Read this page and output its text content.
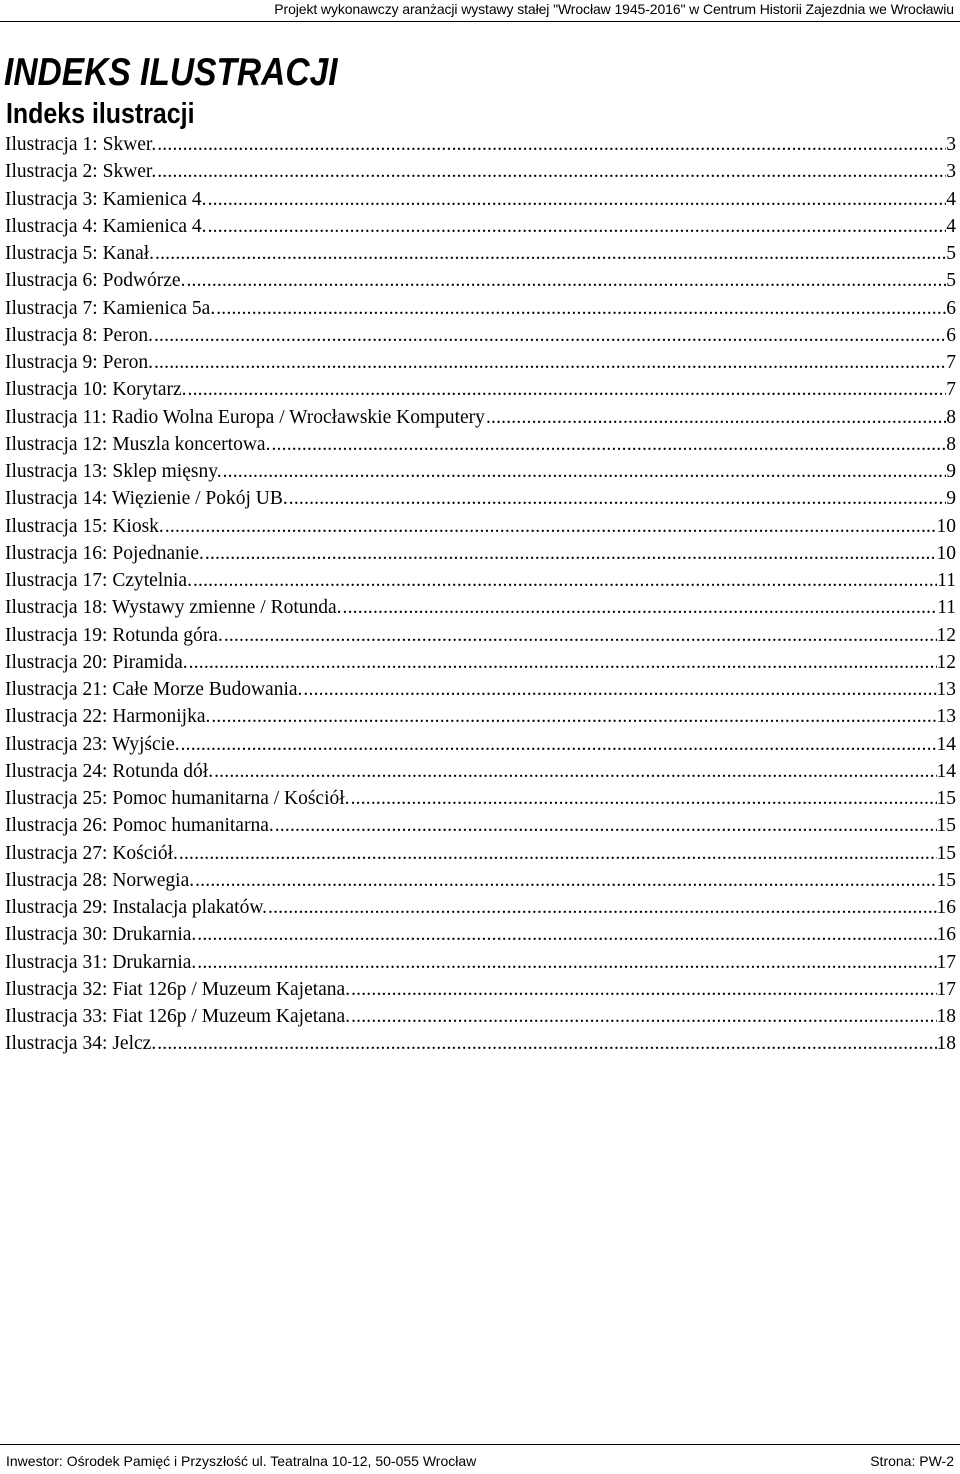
Projekt wykonawczy aranżacji wystawy stałej "Wrocław 1945-2016" w Centrum Historii Zajezdnia we Wrocławiu
INDEKS ILUSTRACJI
Indeks ilustracji
Ilustracja 1: Skwer. .....	3
Ilustracja 2: Skwer. .....	3
Ilustracja 3: Kamienica 4. .....	4
Ilustracja 4: Kamienica 4. .....	4
Ilustracja 5: Kanał. .....	5
Ilustracja 6: Podwórze. .....	5
Ilustracja 7: Kamienica 5a. .....	6
Ilustracja 8: Peron. .....	6
Ilustracja 9: Peron. .....	7
Ilustracja 10: Korytarz. .....	7
Ilustracja 11: Radio Wolna Europa / Wrocławskie Komputery .....	8
Ilustracja 12: Muszla koncertowa. .....	8
Ilustracja 13: Sklep mięsny. .....	9
Ilustracja 14: Więzienie / Pokój UB. .....	9
Ilustracja 15: Kiosk. .....	10
Ilustracja 16: Pojednanie. .....	10
Ilustracja 17: Czytelnia. .....	11
Ilustracja 18: Wystawy zmienne / Rotunda. .....	11
Ilustracja 19: Rotunda góra. .....	12
Ilustracja 20: Piramida. .....	12
Ilustracja 21: Całe Morze Budowania. .....	13
Ilustracja 22: Harmonijka. .....	13
Ilustracja 23: Wyjście. .....	14
Ilustracja 24: Rotunda dół. .....	14
Ilustracja 25: Pomoc humanitarna / Kościół. .....	15
Ilustracja 26: Pomoc humanitarna. .....	15
Ilustracja 27: Kościół. .....	15
Ilustracja 28: Norwegia. .....	15
Ilustracja 29: Instalacja plakatów. .....	16
Ilustracja 30: Drukarnia. .....	16
Ilustracja 31: Drukarnia. .....	17
Ilustracja 32: Fiat 126p / Muzeum Kajetana. .....	17
Ilustracja 33: Fiat 126p / Muzeum Kajetana. .....	18
Ilustracja 34: Jelcz. .....	18
Inwestor: Ośrodek Pamięć i Przyszłość ul. Teatralna 10-12, 50-055 Wrocław	Strona: PW-2
